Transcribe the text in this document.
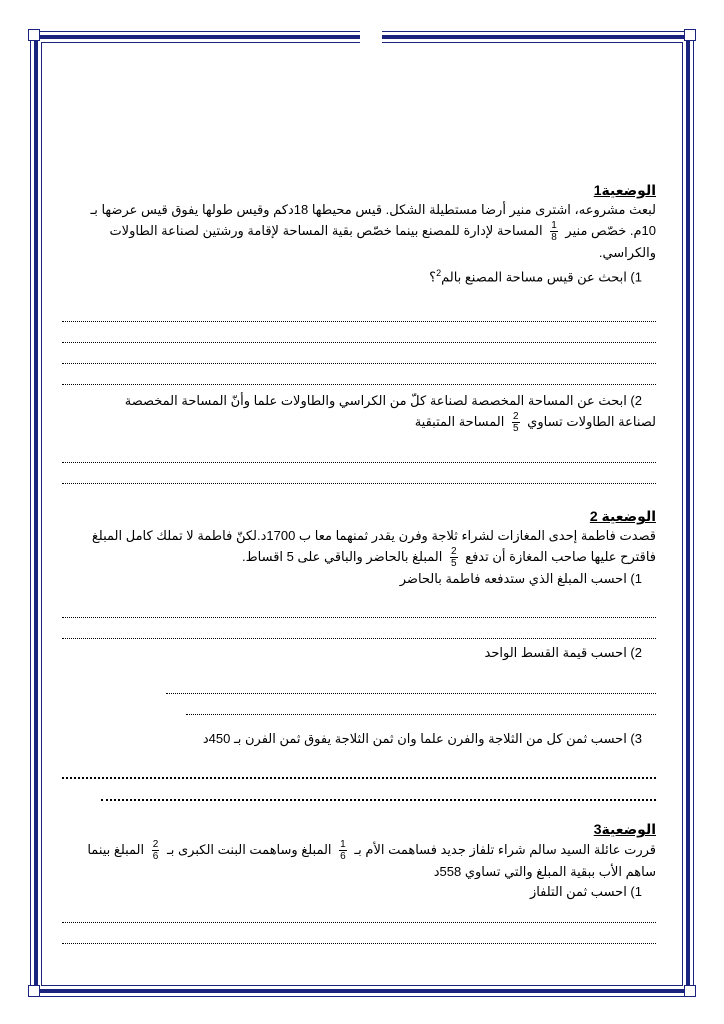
الوضعية1

لبعث مشروعه، اشترى منير أرضا مستطيلة الشكل. قيس محيطها 18دكم وقيس طولها يفوق قيس عرضها بـ

10م. خصّص منير
$\frac{1}{8}$
المساحة لإدارة للمصنع بينما خصّص بقية المساحة لإقامة ورشتين لصناعة الطاولات

والكراسي.

1) ابحث عن قيس مساحة المصنع بالم$^2$؟

2) ابحث عن المساحة المخصصة لصناعة كلّ من الكراسي والطاولات علما وأنّ المساحة المخصصة

لصناعة الطاولات تساوي
$\frac{2}{5}$
المساحة المتبقية

الوضعية 2

قصدت فاطمة إحدى المغازات لشراء ثلاجة وفرن يقدر ثمنهما معا ب 1700د.لكنّ فاطمة لا تملك كامل المبلغ

فاقترح عليها صاحب المغازة أن تدفع
$\frac{2}{5}$
المبلغ بالحاضر والباقي على 5 اقساط.

1) احسب المبلغ الذي ستدفعه فاطمة بالحاضر

2) احسب قيمة القسط الواحد

3) احسب ثمن كل من الثلاجة والفرن علما وان ثمن الثلاجة يفوق ثمن الفرن بـ 450د

الوضعية3

قررت عائلة السيد سالم شراء تلفاز جديد فساهمت الأم بـ
$\frac{1}{6}$
المبلغ وساهمت البنت الكبرى بـ
$\frac{2}{6}$
المبلغ بينما

ساهم الأب ببقية المبلغ والتي تساوي 558د

1) احسب ثمن التلفاز
